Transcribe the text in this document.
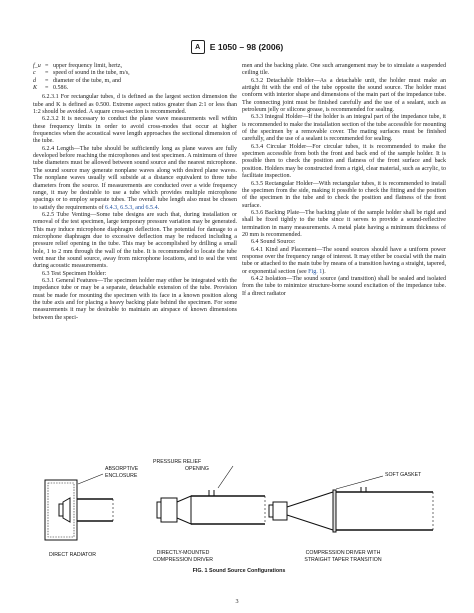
A E 1050 – 98 (2006)
f_u = upper frequency limit, hertz,
c	= speed of sound in the tube, m/s,
d	= diameter of the tube, m, and
K	= 0.586.

6.2.3.1 For rectangular tubes, d is defined as the largest section dimension the tube and K is defined as 0.500. Extreme aspect ratios greater than 2:1 or less than 1:2 should be avoided. A square cross-section is recommended.

6.2.3.2 It is necessary to conduct the plane wave measurements well within these frequency limits in order to avoid cross-modes that occur at higher frequencies when the acoustical wave length approaches the sectional dimension of the tube.

6.2.4 Length—The tube should be sufficiently long as plane waves are fully developed before reaching the microphones and test specimen. A minimum of three tube diameters must be allowed between sound source and the nearest microphone. The sound source may generate nonplane waves along with desired plane waves. The nonplane waves usually will subside at a distance equivalent to three tube diameters from the source. If measurements are conducted over a wide frequency range, it may be desirable to use a tube which provides multiple microphone spacings or to employ separate tubes. The overall tube length also must be chosen to satisfy the requirements of 6.4.3, 6.5.3, and 6.5.4.

6.2.5 Tube Venting—Some tube designs are such that, during installation or removal of the test specimen, large temporary pressure variation may be generated. This may induce microphone diaphragm deflection. The potential for damage to a microphone diaphragm due to excessive deflection may be reduced including a pressure relief opening in the tube. This may be accomplished by drilling a small hole, 1 to 2 mm through the wall of the tube. It is recommended to locate the tube vent near the sound source, away from microphone locations, and to seal the vent during acoustic measurements.

6.3 Test Specimen Holder:

6.3.1 General Features—The specimen holder may either be integrated with the impedance tube or may be a separate, detachable extension of the tube. Provision must be made for mounting the specimen with its face in a known position along the tube axis and for placing a heavy backing plate behind the specimen. For some measurements it may be desirable to maintain an airspace of known dimensions between the speci-

men and the backing plate. One such arrangement may be to simulate a suspended ceiling tile.

6.3.2 Detachable Holder—As a detachable unit, the holder must make an airtight fit with the end of the tube opposite the sound source. The holder must conform with interior shape and dimensions of the main part of the impedance tube. The connecting joint must be finished carefully and the use of a sealant, such as petroleum jelly or silicone grease, is recommended for sealing.

6.3.3 Integral Holder—If the holder is an integral part of the impedance tube, it is recommended to make the installation section of the tube accessible for mounting of the specimen by a removable cover. The mating surfaces must be finished carefully, and the use of a sealant is recommended for sealing.

6.3.4 Circular Holder—For circular tubes, it is recommended to make the specimen accessible from both the front and back end of the sample holder. It is possible then to check the position and flatness of the front surface and back position. Holders may be constructed from a rigid, clear material, such as acrylic, to facilitate inspection.

6.3.5 Rectangular Holder—With rectangular tubes, it is recommended to install the specimen from the side, making it possible to check the fitting and the position of the specimen in the tube and to check the position and flatness of the front surface.

6.3.6 Backing Plate—The backing plate of the sample holder shall be rigid and shall be fixed tightly to the tube since it serves to provide a sound-reflective termination in many measurements. A metal plate having a minimum thickness of 20 mm is recommended.

6.4 Sound Source:

6.4.1 Kind and Placement—The sound sources should have a uniform power response over the frequency range of interest. It may either be coaxial with the main tube or attached to the main tube by means of a transition having a straight, tapered, or exponential section (see Fig. 1).

6.4.2 Isolation—The sound source (and transition) shall be sealed and isolated from the tube to minimize structure-borne sound excitation of the impedance tube. If a direct radiator

PRESSURE RELIEF
OPENING
ABSORPTIVE
ENCLOSURE	SOFT GASKET
DIRECT RADIATOR	DIRECTLY-MOUNTED
COMPRESSION DRIVER
COMPRESSION DRIVER WITH
STRAIGHT TAPER TRANSITION
FIG. 1 Sound Source Configurations
3
